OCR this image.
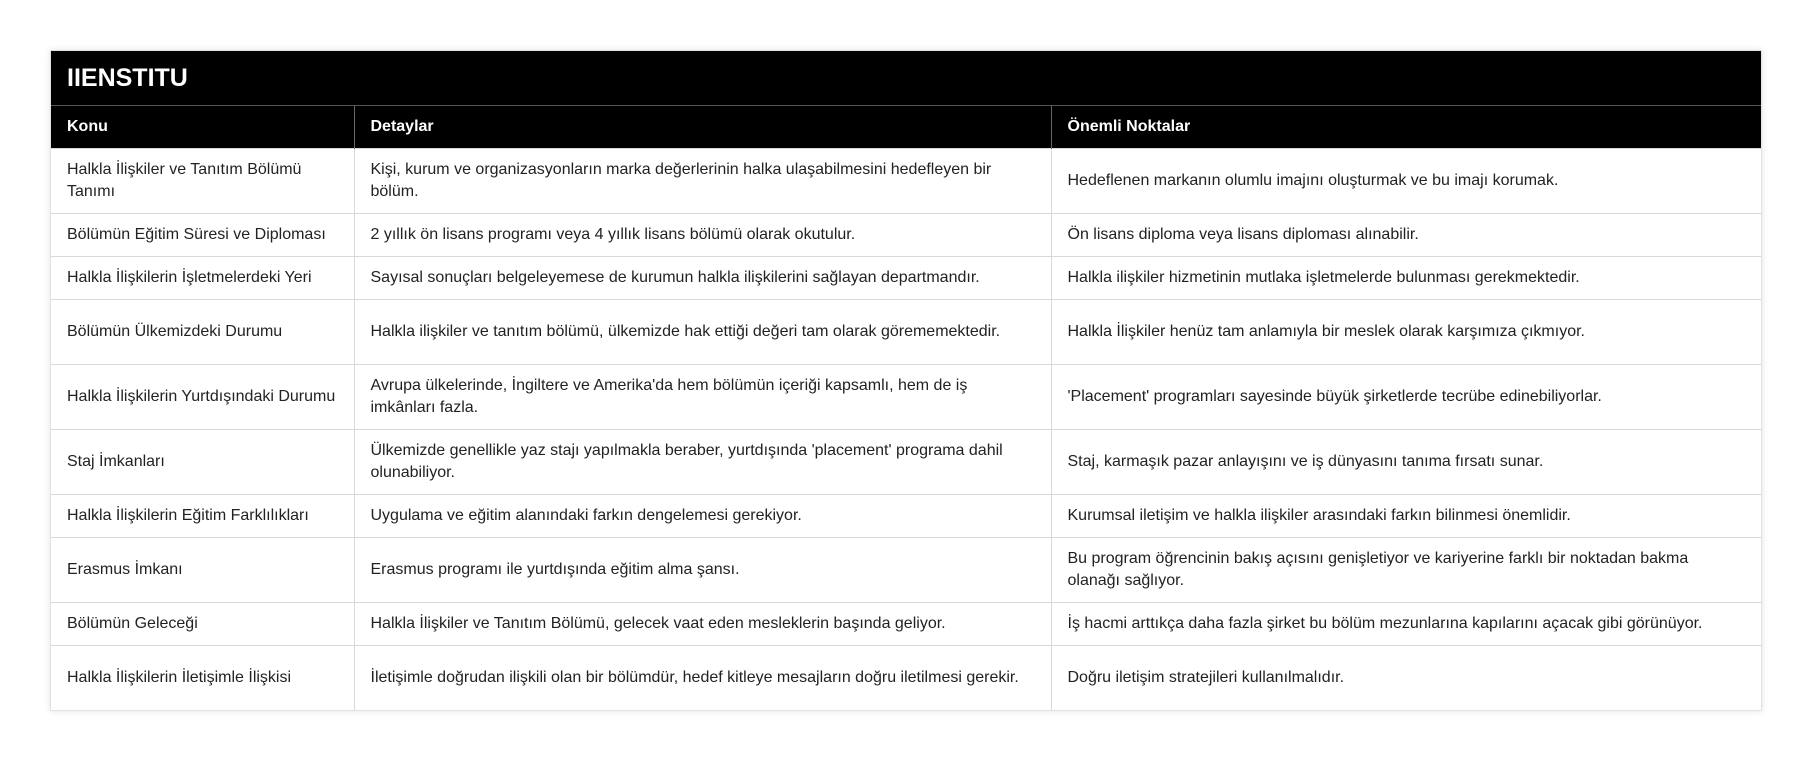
IIENSTITU
Konu	Detaylar	Önemli Noktalar
Halkla İlişkiler ve Tanıtım Bölümü Tanımı	Kişi, kurum ve organizasyonların marka değerlerinin halka ulaşabilmesini hedefleyen bir bölüm.	Hedeflenen markanın olumlu imajını oluşturmak ve bu imajı korumak.
Bölümün Eğitim Süresi ve Diploması	2 yıllık ön lisans programı veya 4 yıllık lisans bölümü olarak okutulur.	Ön lisans diploma veya lisans diploması alınabilir.
Halkla İlişkilerin İşletmelerdeki Yeri	Sayısal sonuçları belgeleyemese de kurumun halkla ilişkilerini sağlayan departmandır.	Halkla ilişkiler hizmetinin mutlaka işletmelerde bulunması gerekmektedir.
Bölümün Ülkemizdeki Durumu	Halkla ilişkiler ve tanıtım bölümü, ülkemizde hak ettiği değeri tam olarak görememektedir.	Halkla İlişkiler henüz tam anlamıyla bir meslek olarak karşımıza çıkmıyor.
Halkla İlişkilerin Yurtdışındaki Durumu	Avrupa ülkelerinde, İngiltere ve Amerika'da hem bölümün içeriği kapsamlı, hem de iş imkânları fazla.	'Placement' programları sayesinde büyük şirketlerde tecrübe edinebiliyorlar.
Staj İmkanları	Ülkemizde genellikle yaz stajı yapılmakla beraber, yurtdışında 'placement' programa dahil olunabiliyor.	Staj, karmaşık pazar anlayışını ve iş dünyasını tanıma fırsatı sunar.
Halkla İlişkilerin Eğitim Farklılıkları	Uygulama ve eğitim alanındaki farkın dengelemesi gerekiyor.	Kurumsal iletişim ve halkla ilişkiler arasındaki farkın bilinmesi önemlidir.
Erasmus İmkanı	Erasmus programı ile yurtdışında eğitim alma şansı.	Bu program öğrencinin bakış açısını genişletiyor ve kariyerine farklı bir noktadan bakma olanağı sağlıyor.
Bölümün Geleceği	Halkla İlişkiler ve Tanıtım Bölümü, gelecek vaat eden mesleklerin başında geliyor.	İş hacmi arttıkça daha fazla şirket bu bölüm mezunlarına kapılarını açacak gibi görünüyor.
Halkla İlişkilerin İletişimle İlişkisi	İletişimle doğrudan ilişkili olan bir bölümdür, hedef kitleye mesajların doğru iletilmesi gerekir.	Doğru iletişim stratejileri kullanılmalıdır.
